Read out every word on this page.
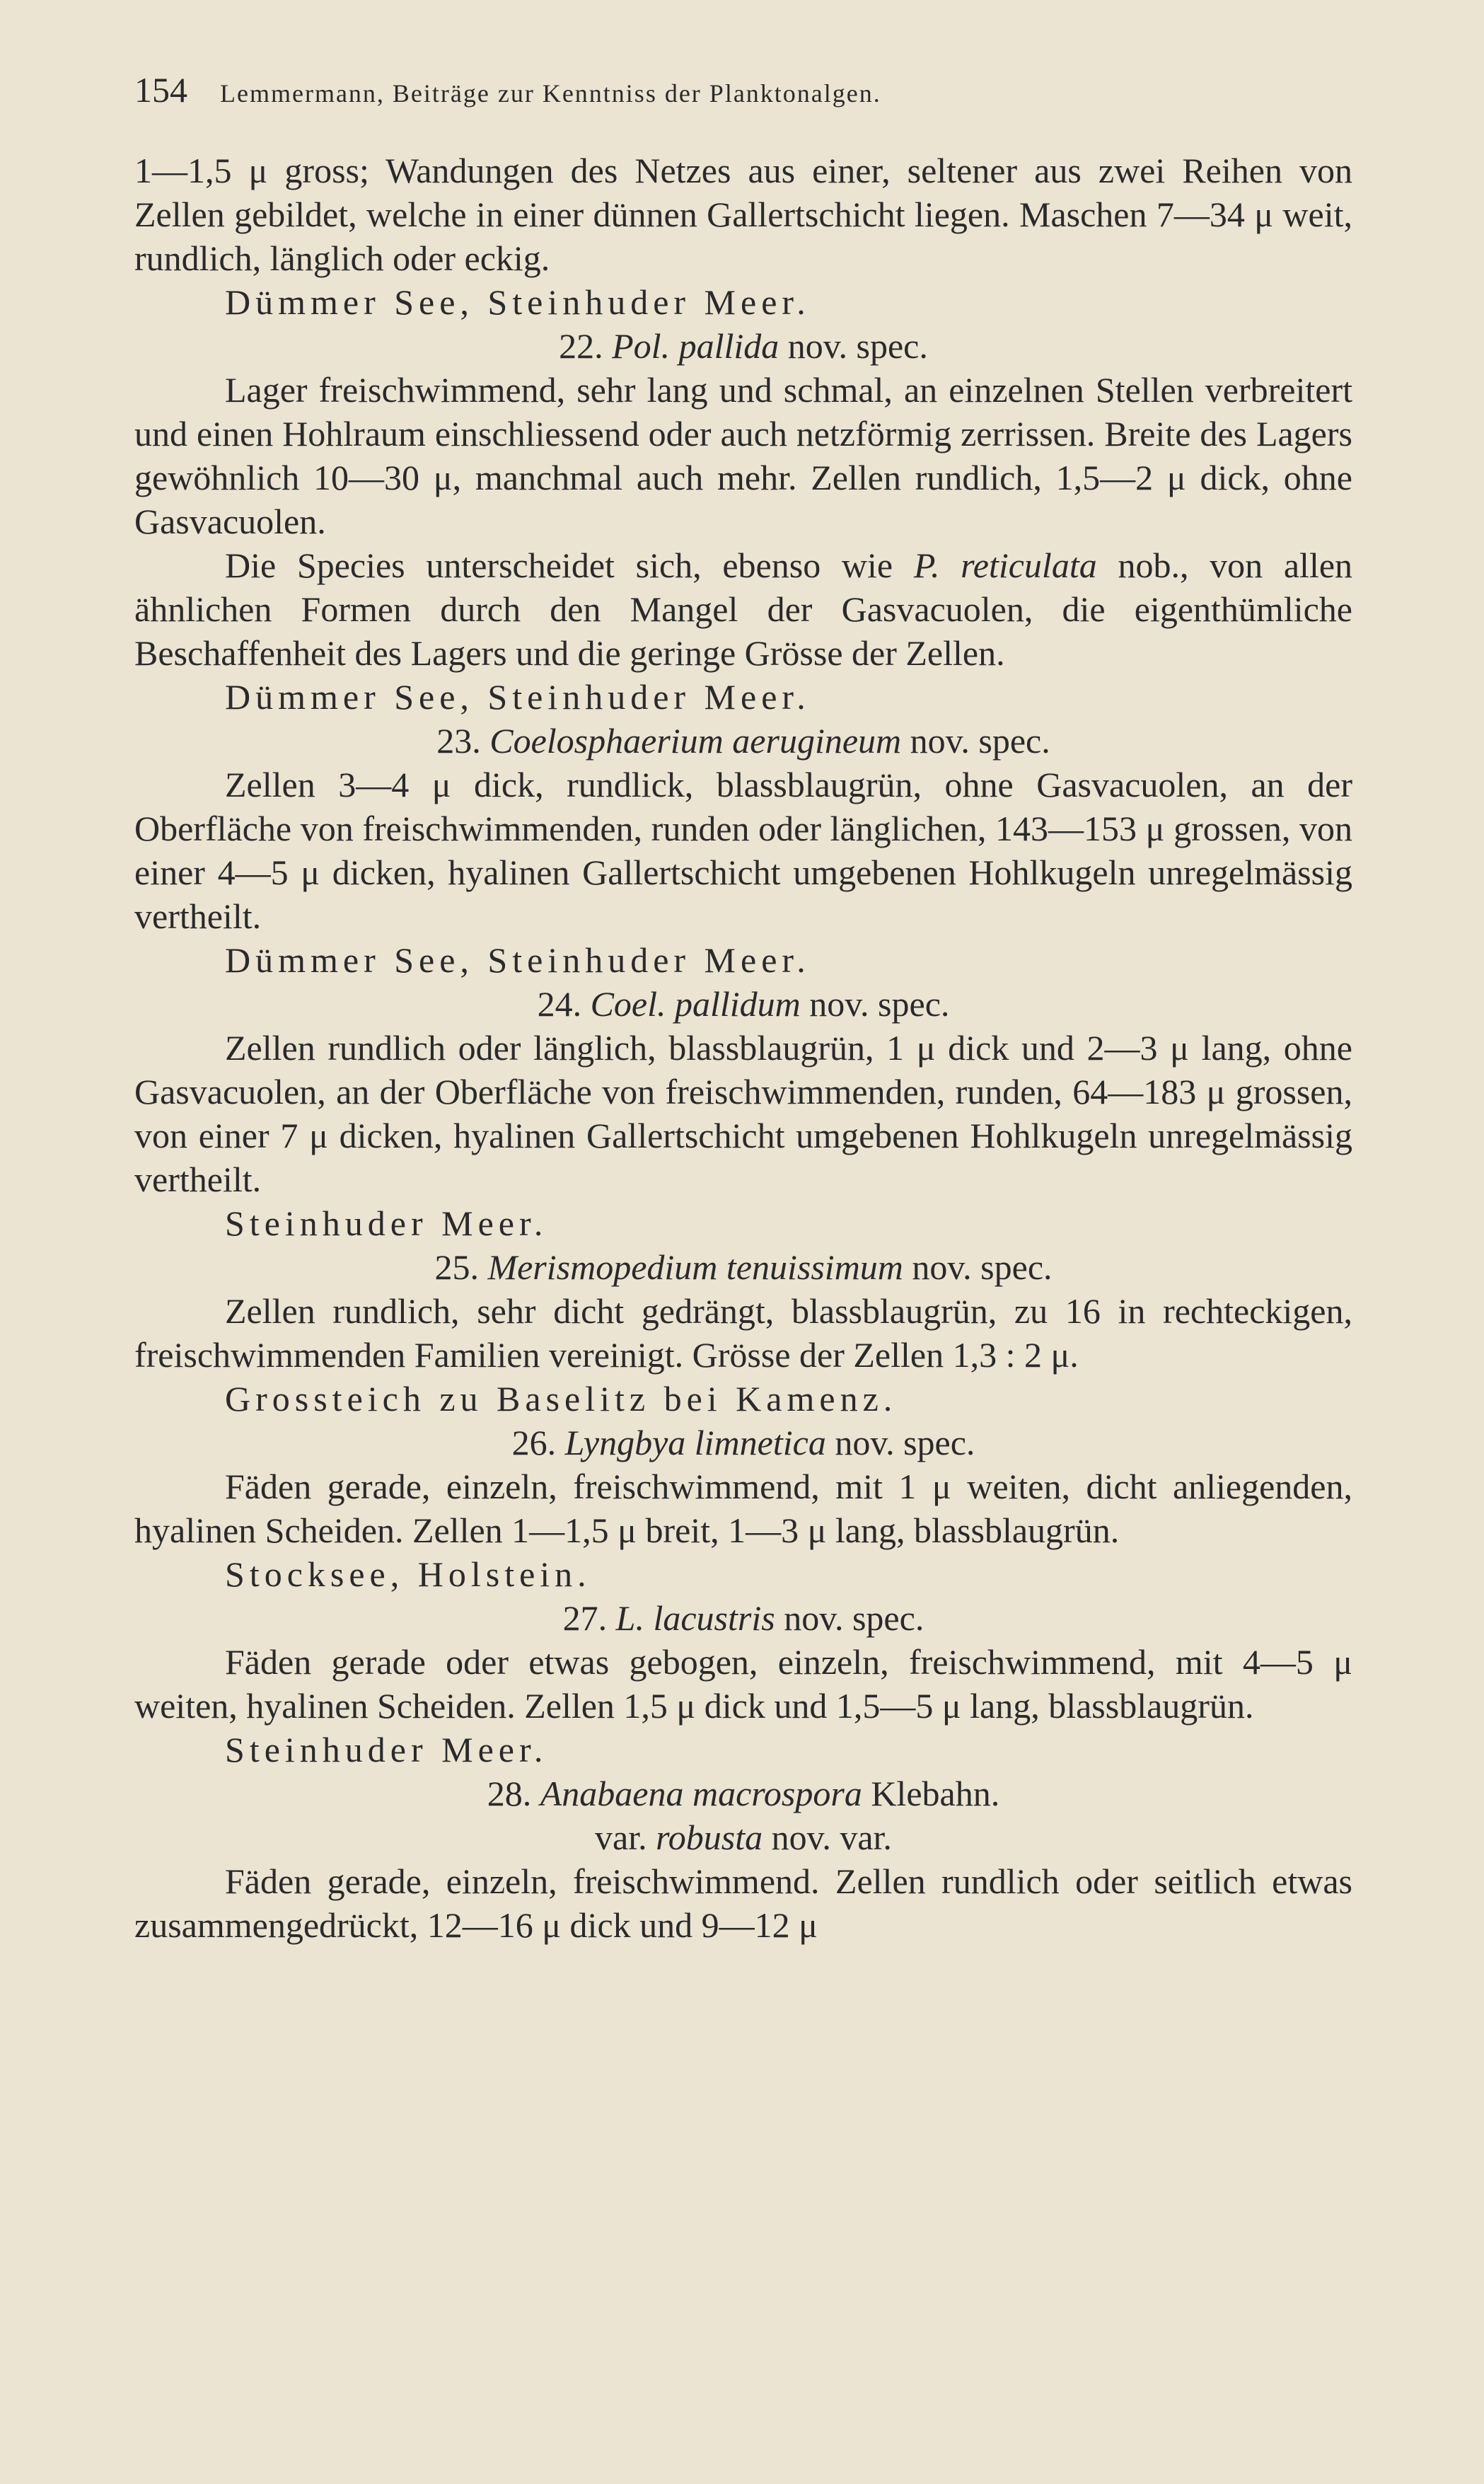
154 Lemmermann, Beiträge zur Kenntniss der Planktonalgen.

1—1,5 μ gross; Wandungen des Netzes aus einer, seltener aus zwei Reihen von Zellen gebildet, welche in einer dünnen Gallertschicht liegen. Maschen 7—34 μ weit, rundlich, länglich oder eckig.

Dümmer See, Steinhuder Meer.

22. Pol. pallida nov. spec.

Lager freischwimmend, sehr lang und schmal, an einzelnen Stellen verbreitert und einen Hohlraum einschliessend oder auch netzförmig zerrissen. Breite des Lagers gewöhnlich 10—30 μ, manchmal auch mehr. Zellen rundlich, 1,5—2 μ dick, ohne Gasvacuolen.

Die Species unterscheidet sich, ebenso wie P. reticulata nob., von allen ähnlichen Formen durch den Mangel der Gasvacuolen, die eigenthümliche Beschaffenheit des Lagers und die geringe Grösse der Zellen.

Dümmer See, Steinhuder Meer.

23. Coelosphaerium aerugineum nov. spec.

Zellen 3—4 μ dick, rundlick, blassblaugrün, ohne Gasvacuolen, an der Oberfläche von freischwimmenden, runden oder länglichen, 143—153 μ grossen, von einer 4—5 μ dicken, hyalinen Gallertschicht umgebenen Hohlkugeln unregelmässig vertheilt.

Dümmer See, Steinhuder Meer.

24. Coel. pallidum nov. spec.

Zellen rundlich oder länglich, blassblaugrün, 1 μ dick und 2—3 μ lang, ohne Gasvacuolen, an der Oberfläche von freischwimmenden, runden, 64—183 μ grossen, von einer 7 μ dicken, hyalinen Gallertschicht umgebenen Hohlkugeln unregelmässig vertheilt.

Steinhuder Meer.

25. Merismopedium tenuissimum nov. spec.

Zellen rundlich, sehr dicht gedrängt, blassblaugrün, zu 16 in rechteckigen, freischwimmenden Familien vereinigt. Grösse der Zellen 1,3 : 2 μ.

Grossteich zu Baselitz bei Kamenz.

26. Lyngbya limnetica nov. spec.

Fäden gerade, einzeln, freischwimmend, mit 1 μ weiten, dicht anliegenden, hyalinen Scheiden. Zellen 1—1,5 μ breit, 1—3 μ lang, blassblaugrün.

Stocksee, Holstein.

27. L. lacustris nov. spec.

Fäden gerade oder etwas gebogen, einzeln, freischwimmend, mit 4—5 μ weiten, hyalinen Scheiden. Zellen 1,5 μ dick und 1,5—5 μ lang, blassblaugrün.

Steinhuder Meer.

28. Anabaena macrospora Klebahn.

var. robusta nov. var.

Fäden gerade, einzeln, freischwimmend. Zellen rundlich oder seitlich etwas zusammengedrückt, 12—16 μ dick und 9—12 μ
